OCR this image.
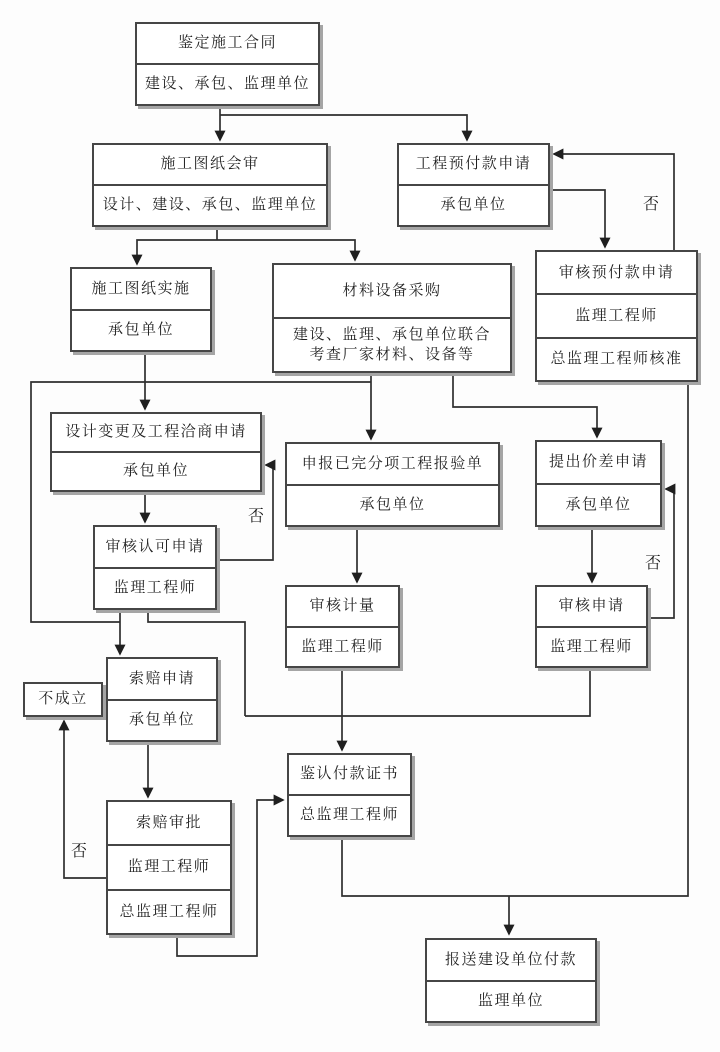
鉴定施工合同
建设、承包、监理单位
施工图纸会审
设计、建设、承包、监理单位
工程预付款申请
承包单位
审核预付款申请
监理工程师
总监理工程师核准
施工图纸实施
承包单位
材料设备采购
建设、监理、承包单位联合
考查厂家材料、设备等
设计变更及工程洽商申请
承包单位	申报已完分项工程报验单
承包单位
提出价差申请
承包单位
审核认可申请
监理工程师
审核计量
监理工程师
审核申请
监理工程师
索赔申请
承包单位
不成立
索赔审批
监理工程师
总监理工程师
鉴认付款证书
总监理工程师
报送建设单位付款
监理单位
否
否
否
否
